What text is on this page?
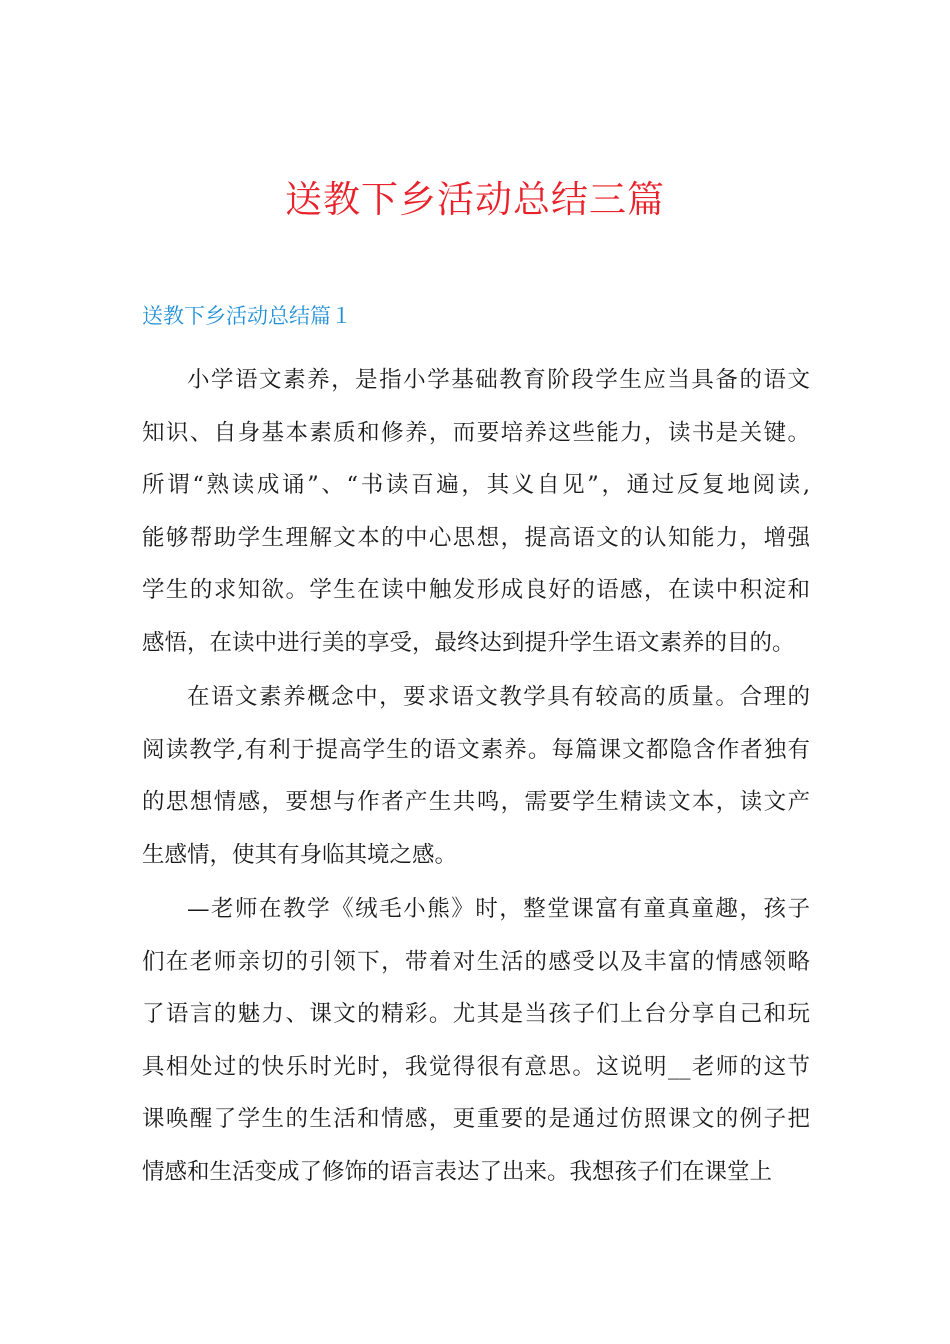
送教下乡活动总结三篇
送教下乡活动总结篇１
小学语文素养，是指小学基础教育阶段学生应当具备的语文
知识、自身基本素质和修养，而要培养这些能力，读书是关键。
所谓“熟读成诵”、“书读百遍，其义自见”，通过反复地阅读,
能够帮助学生理解文本的中心思想，提高语文的认知能力，增强
学生的求知欲。学生在读中触发形成良好的语感，在读中积淀和
感悟，在读中进行美的享受，最终达到提升学生语文素养的目的。
在语文素养概念中，要求语文教学具有较高的质量。合理的
阅读教学,有利于提高学生的语文素养。每篇课文都隐含作者独有
的思想情感，要想与作者产生共鸣，需要学生精读文本，读文产
生感情，使其有身临其境之感。
—老师在教学《绒毛小熊》时，整堂课富有童真童趣，孩子
们在老师亲切的引领下，带着对生活的感受以及丰富的情感领略
了语言的魅力、课文的精彩。尤其是当孩子们上台分享自己和玩
具相处过的快乐时光时，我觉得很有意思。这说明__老师的这节
课唤醒了学生的生活和情感，更重要的是通过仿照课文的例子把
情感和生活变成了修饰的语言表达了出来。我想孩子们在课堂上
